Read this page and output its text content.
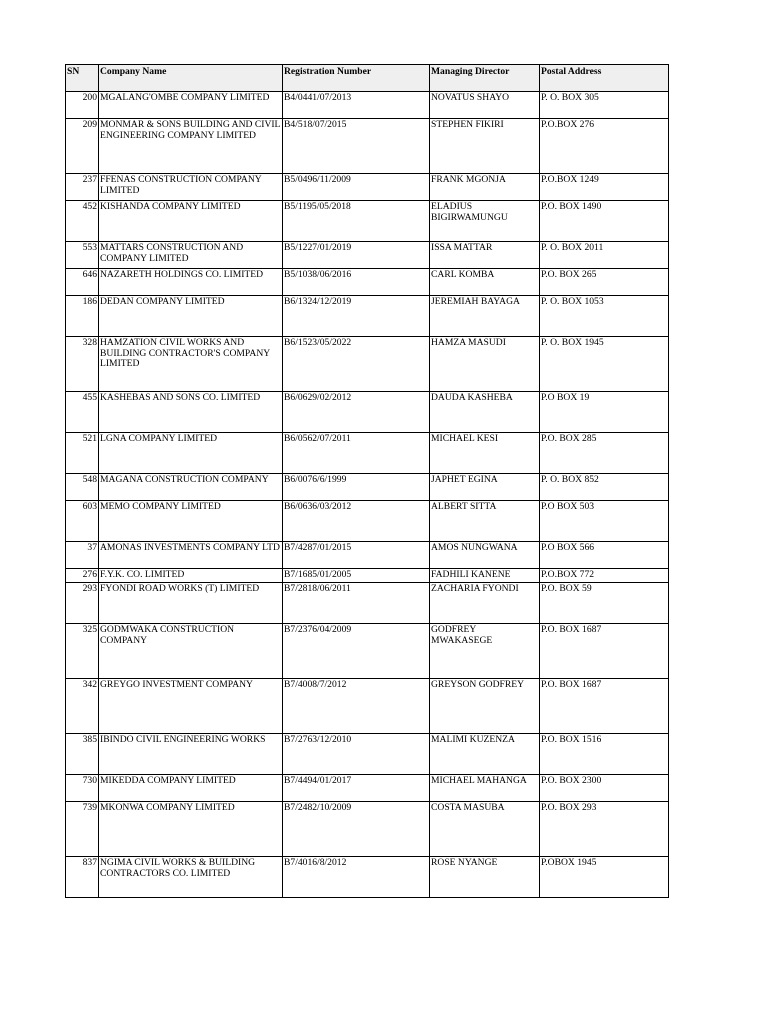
SN	Company Name	Registration Number	Managing Director	Postal Address
200	MGALANG'OMBE COMPANY LIMITED	B4/0441/07/2013	NOVATUS SHAYO	P. O. BOX 305
209	MONMAR & SONS BUILDING AND CIVIL ENGINEERING COMPANY LIMITED	B4/518/07/2015	STEPHEN FIKIRI	P.O.BOX 276
237	FFENAS CONSTRUCTION COMPANY LIMITED	B5/0496/11/2009	FRANK MGONJA	P.O.BOX 1249
452	KISHANDA COMPANY LIMITED	B5/1195/05/2018	ELADIUS BIGIRWAMUNGU	P.O. BOX 1490
553	MATTARS CONSTRUCTION AND COMPANY LIMITED	B5/1227/01/2019	ISSA MATTAR	P. O. BOX 2011
646	NAZARETH HOLDINGS CO. LIMITED	B5/1038/06/2016	CARL KOMBA	P.O. BOX 265
186	DEDAN COMPANY LIMITED	B6/1324/12/2019	JEREMIAH BAYAGA	P. O. BOX 1053
328	HAMZATION CIVIL WORKS AND BUILDING CONTRACTOR'S COMPANY LIMITED	B6/1523/05/2022	HAMZA MASUDI	P. O. BOX 1945
455	KASHEBAS AND SONS CO. LIMITED	B6/0629/02/2012	DAUDA KASHEBA	P.O BOX 19
521	LGNA COMPANY LIMITED	B6/0562/07/2011	MICHAEL KESI	P.O. BOX 285
548	MAGANA CONSTRUCTION COMPANY	B6/0076/6/1999	JAPHET EGINA	P. O. BOX 852
603	MEMO COMPANY LIMITED	B6/0636/03/2012	ALBERT SITTA	P.O BOX 503
37	AMONAS INVESTMENTS COMPANY LTD	B7/4287/01/2015	AMOS NUNGWANA	P.O BOX 566
276	F.Y.K. CO. LIMITED	B7/1685/01/2005	FADHILI KANENE	P.O.BOX 772
293	FYONDI ROAD WORKS (T) LIMITED	B7/2818/06/2011	ZACHARIA FYONDI	P.O. BOX 59
325	GODMWAKA CONSTRUCTION COMPANY	B7/2376/04/2009	GODFREY MWAKASEGE	P.O. BOX 1687
342	GREYGO INVESTMENT COMPANY	B7/4008/7/2012	GREYSON GODFREY	P.O. BOX 1687
385	IBINDO CIVIL ENGINEERING WORKS	B7/2763/12/2010	MALIMI KUZENZA	P.O. BOX 1516
730	MIKEDDA COMPANY LIMITED	B7/4494/01/2017	MICHAEL MAHANGA	P.O. BOX 2300
739	MKONWA COMPANY LIMITED	B7/2482/10/2009	COSTA MASUBA	P.O. BOX 293
837	NGIMA CIVIL WORKS & BUILDING CONTRACTORS CO. LIMITED	B7/4016/8/2012	ROSE NYANGE	P.OBOX 1945
